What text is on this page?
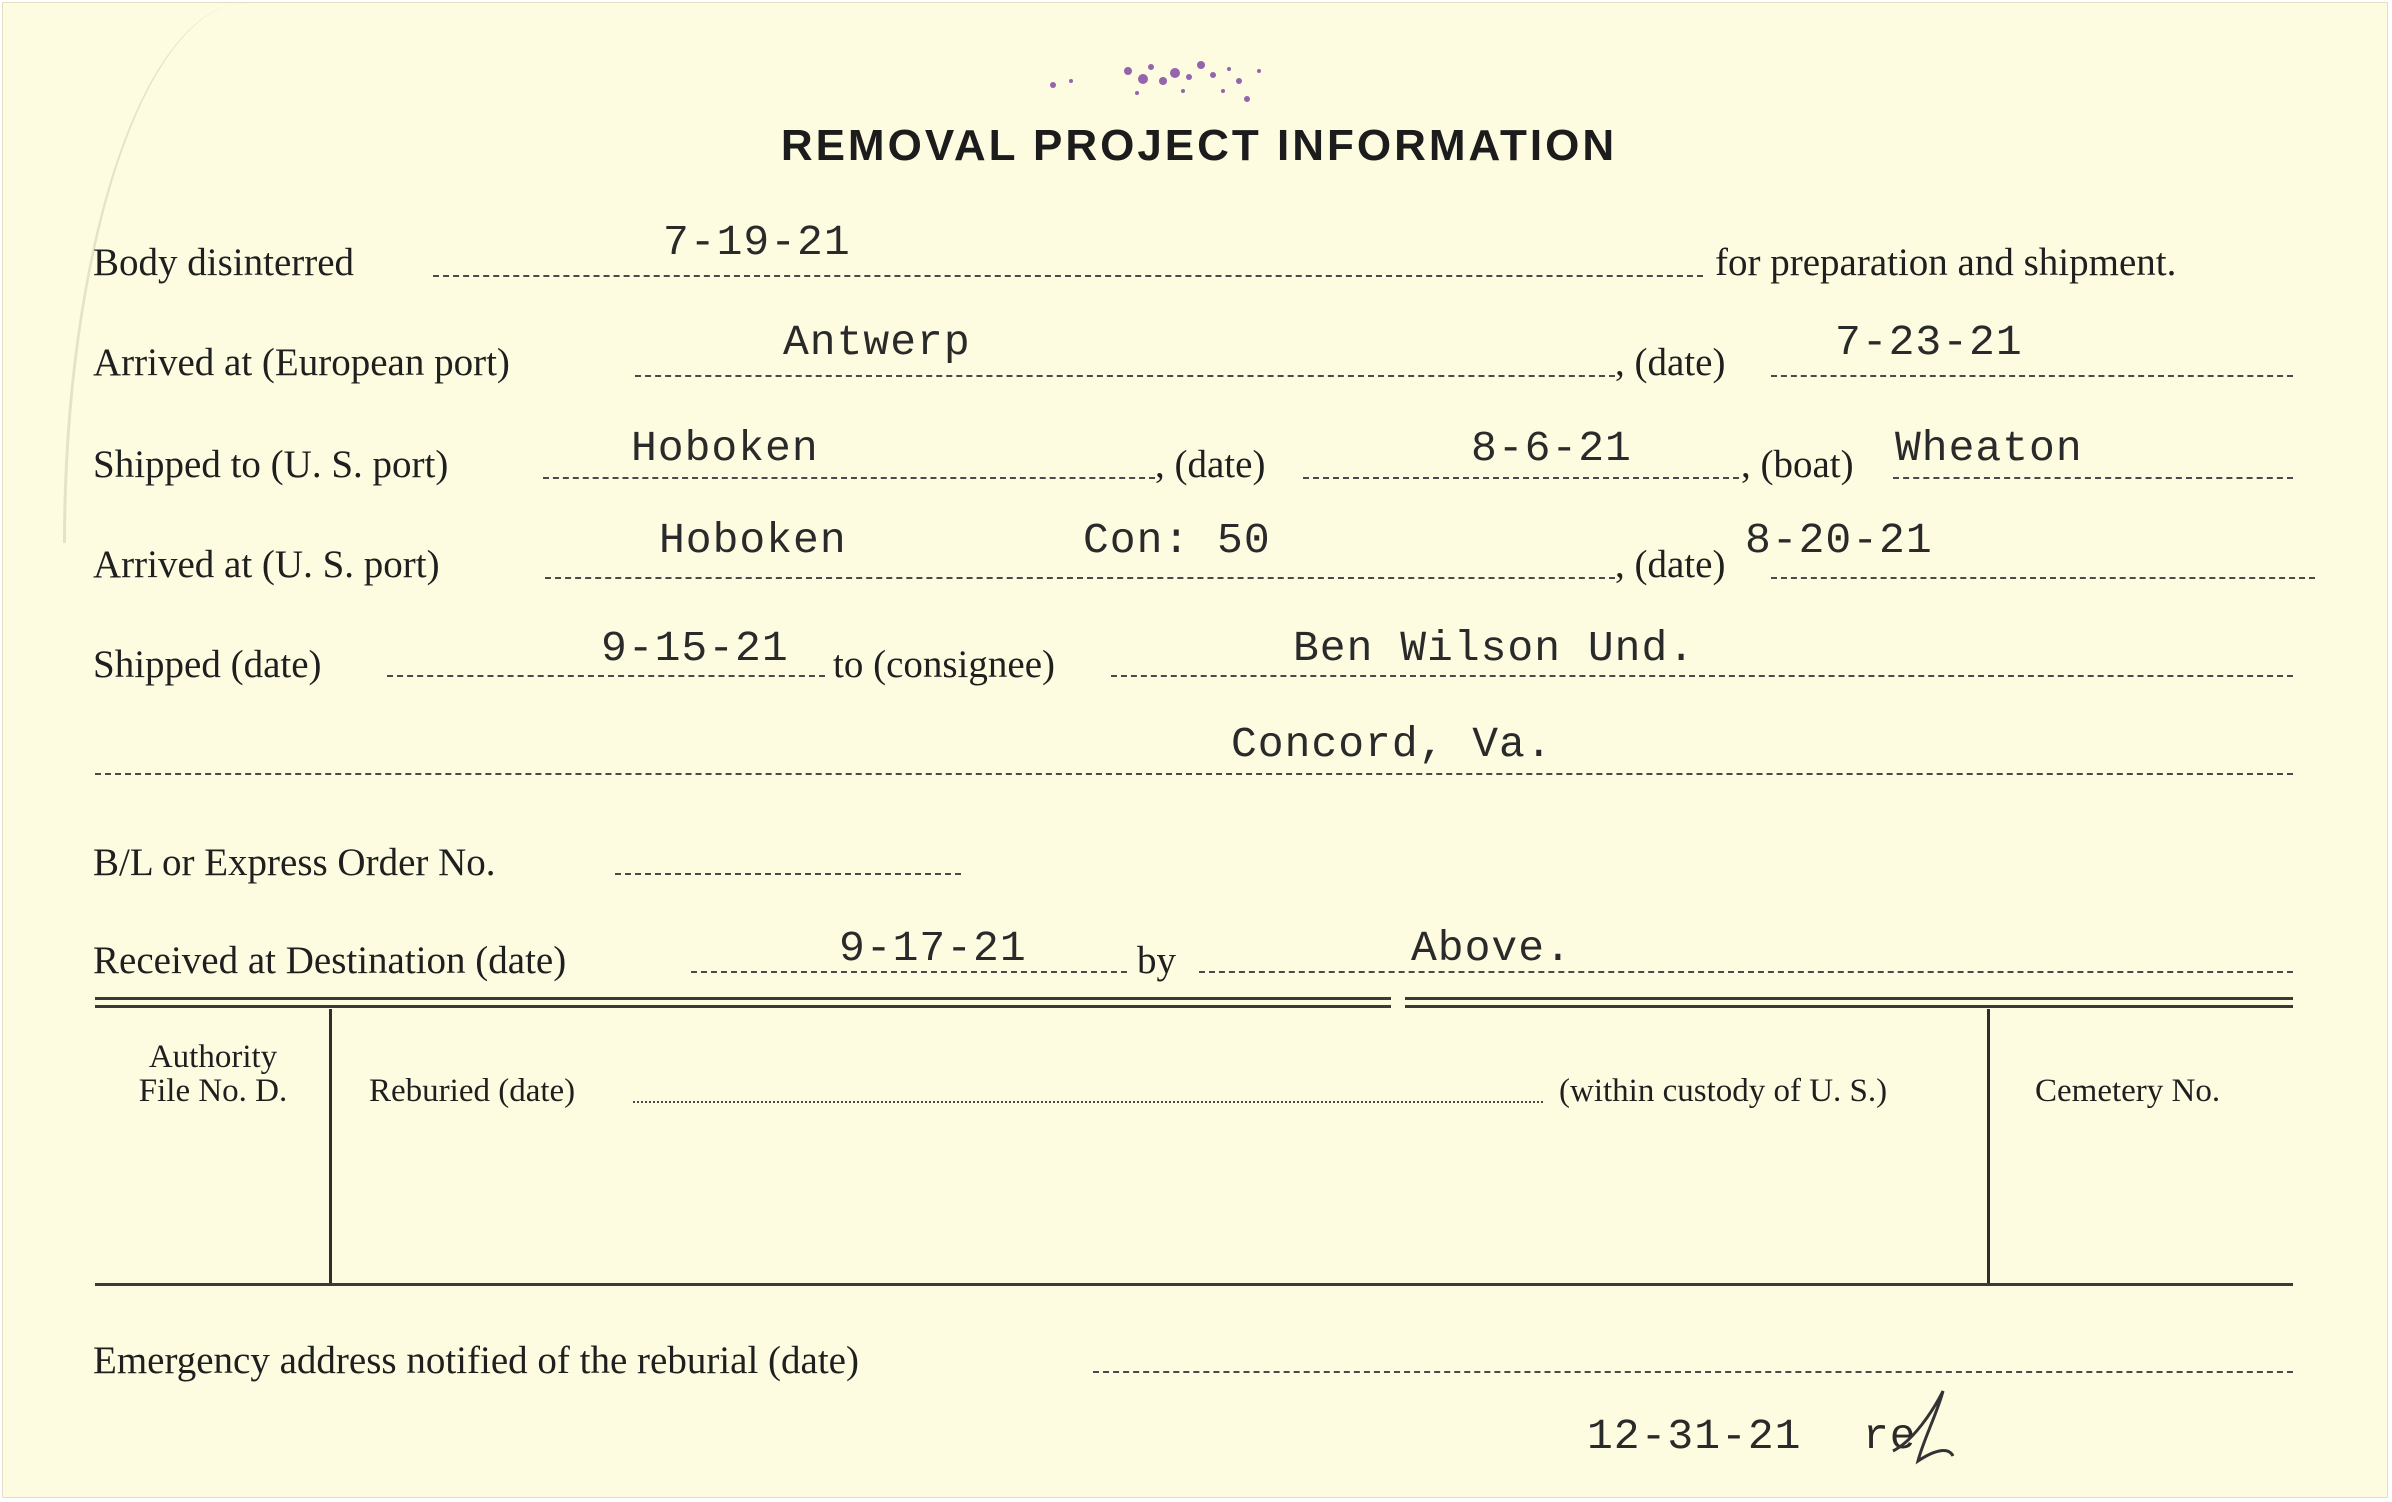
REMOVAL PROJECT INFORMATION
Body disinterred	7-19-21	for preparation and shipment.
Arrived at (European port)	Antwerp	, (date)	7-23-21
Shipped to (U. S. port)	Hoboken	, (date)	8-6-21	, (boat) Wheaton
Arrived at (U. S. port)	Hoboken	Con: 50	, (date) 8-20-21
Shipped (date)	9-15-21 to (consignee)	Ben Wilson Und.
Concord, Va.
B/L or Express Order No.
Received at Destination (date)	9-17-21	by	Above.
Authority
File No. D.	Reburied (date)	(within custody of U. S.)	Cemetery No.
Emergency address notified of the reburial (date)
12-31-21 re
